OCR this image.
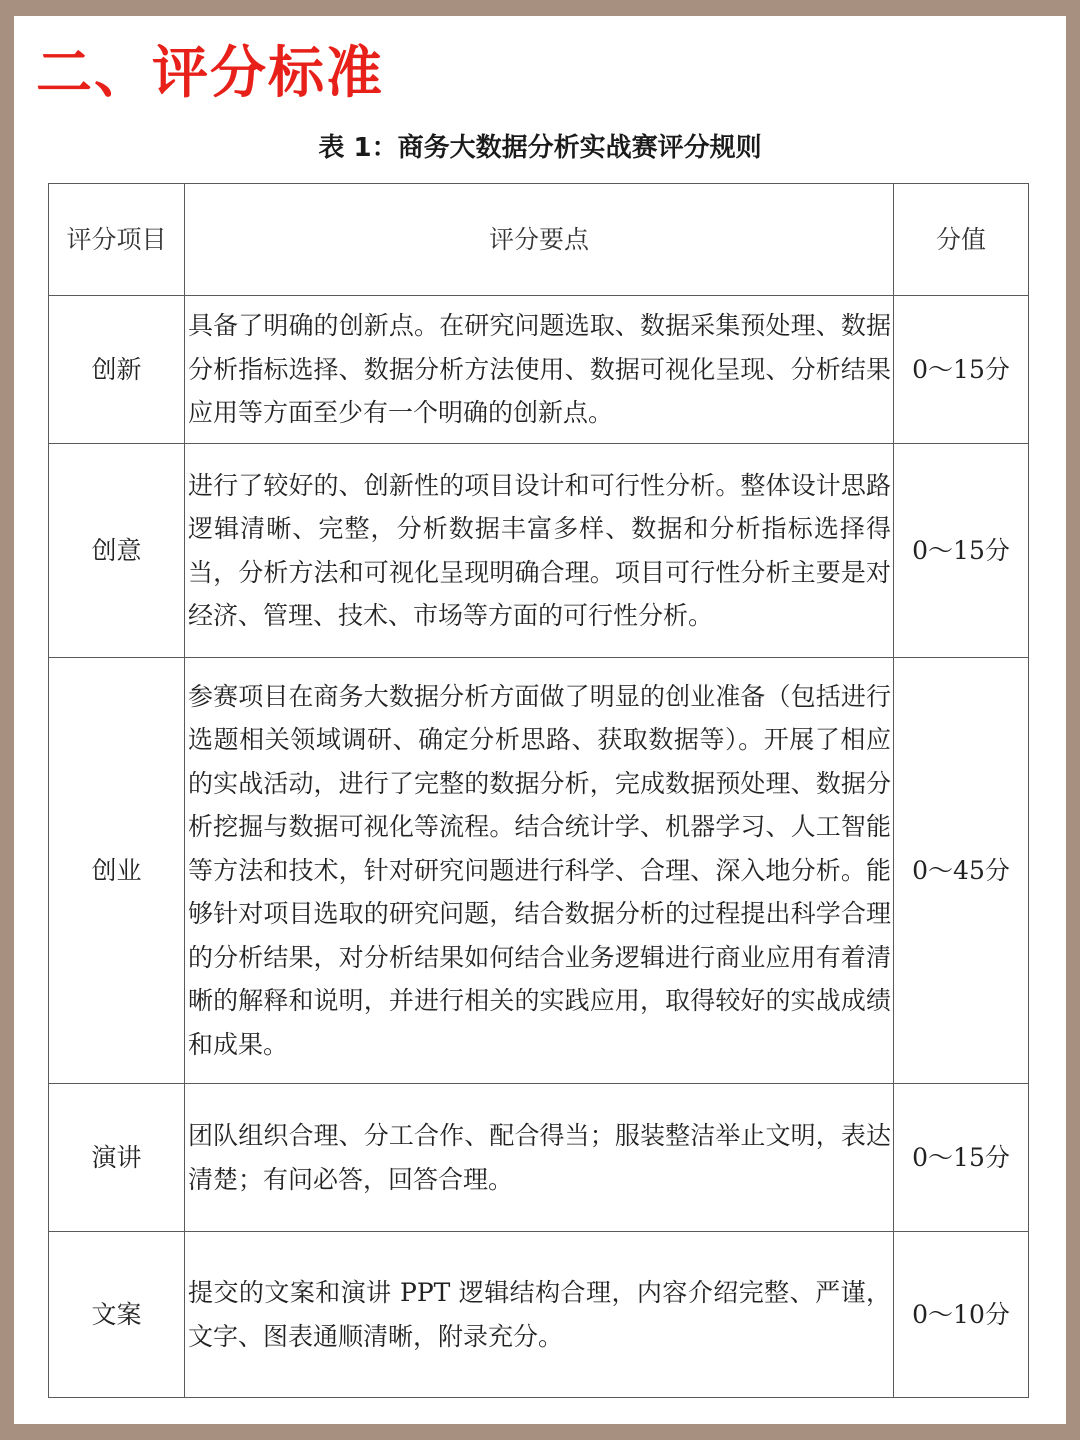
二、评分标准
表 1：商务大数据分析实战赛评分规则
评分项目	评分要点	分值
创新	具备了明确的创新点。在研究问题选取、数据采集预处理、数据分析指标选择、数据分析方法使用、数据可视化呈现、分析结果应用等方面至少有一个明确的创新点。	0～15分
创意	进行了较好的、创新性的项目设计和可行性分析。整体设计思路逻辑清晰、完整，分析数据丰富多样、数据和分析指标选择得当，分析方法和可视化呈现明确合理。项目可行性分析主要是对经济、管理、技术、市场等方面的可行性分析。	0～15分
创业	参赛项目在商务大数据分析方面做了明显的创业准备（包括进行选题相关领域调研、确定分析思路、获取数据等）。开展了相应的实战活动，进行了完整的数据分析，完成数据预处理、数据分析挖掘与数据可视化等流程。结合统计学、机器学习、人工智能等方法和技术，针对研究问题进行科学、合理、深入地分析。能够针对项目选取的研究问题，结合数据分析的过程提出科学合理的分析结果，对分析结果如何结合业务逻辑进行商业应用有着清晰的解释和说明，并进行相关的实践应用，取得较好的实战成绩和成果。	0～45分
演讲	团队组织合理、分工合作、配合得当；服装整洁举止文明，表达清楚；有问必答，回答合理。	0～15分
文案	提交的文案和演讲 PPT 逻辑结构合理，内容介绍完整、严谨，文字、图表通顺清晰，附录充分。	0～10分
